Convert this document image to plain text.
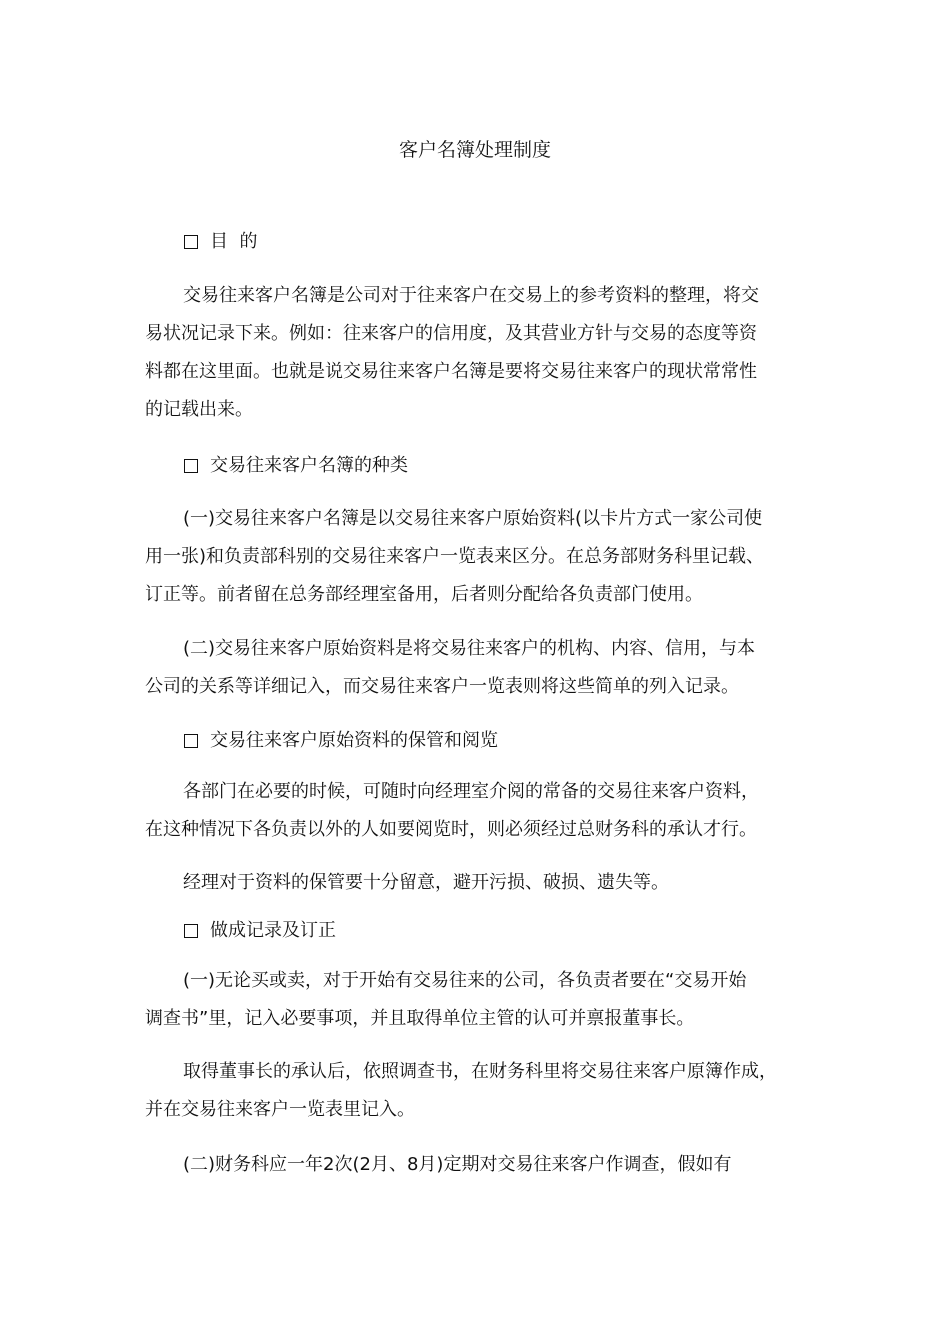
客户名簿处理制度
目  的
交易往来客户名簿是公司对于往来客户在交易上的参考资料的整理，将交
易状况记录下来。例如：往来客户的信用度，及其营业方针与交易的态度等资
料都在这里面。也就是说交易往来客户名簿是要将交易往来客户的现状常常性
的记载出来。
交易往来客户名簿的种类
(一)交易往来客户名簿是以交易往来客户原始资料(以卡片方式一家公司使
用一张)和负责部科别的交易往来客户一览表来区分。在总务部财务科里记载、
订正等。前者留在总务部经理室备用，后者则分配给各负责部门使用。
(二)交易往来客户原始资料是将交易往来客户的机构、内容、信用，与本
公司的关系等详细记入，而交易往来客户一览表则将这些简单的列入记录。
交易往来客户原始资料的保管和阅览
各部门在必要的时候，可随时向经理室介阅的常备的交易往来客户资料，
在这种情况下各负责以外的人如要阅览时，则必须经过总财务科的承认才行。
经理对于资料的保管要十分留意，避开污损、破损、遗失等。
做成记录及订正
(一)无论买或卖，对于开始有交易往来的公司，各负责者要在“交易开始
调查书”里，记入必要事项，并且取得单位主管的认可并禀报董事长。
取得董事长的承认后，依照调查书，在财务科里将交易往来客户原簿作成，
并在交易往来客户一览表里记入。
(二)财务科应一年2次(2月、8月)定期对交易往来客户作调查，假如有
